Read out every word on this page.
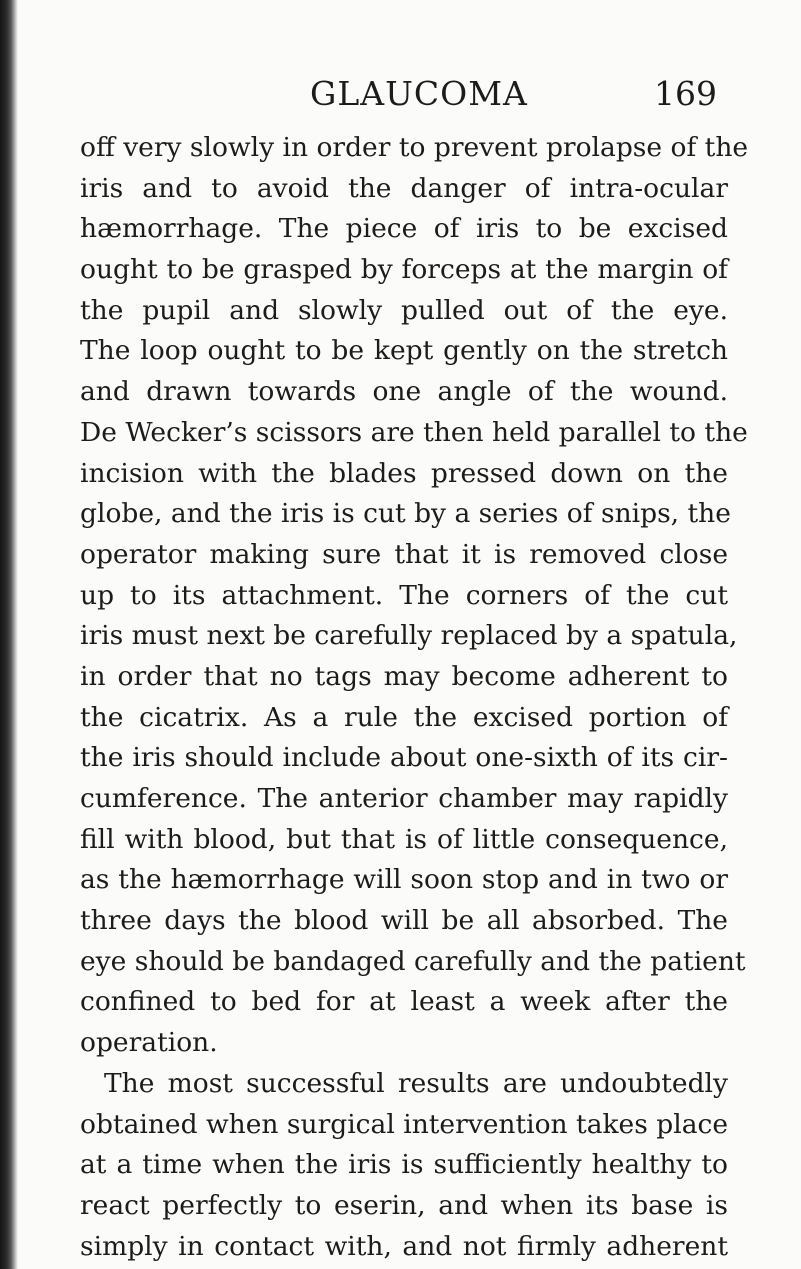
GLAUCOMA	169
off very slowly in order to prevent prolapse of the
iris and to avoid the danger of intra-ocular
hæmorrhage. The piece of iris to be excised
ought to be grasped by forceps at the margin of
the pupil and slowly pulled out of the eye.
The loop ought to be kept gently on the stretch
and drawn towards one angle of the wound.
De Wecker’s scissors are then held parallel to the
incision with the blades pressed down on the
globe, and the iris is cut by a series of snips, the
operator making sure that it is removed close
up to its attachment. The corners of the cut
iris must next be carefully replaced by a spatula,
in order that no tags may become adherent to
the cicatrix. As a rule the excised portion of
the iris should include about one-sixth of its cir-
cumference. The anterior chamber may rapidly
fill with blood, but that is of little consequence,
as the hæmorrhage will soon stop and in two or
three days the blood will be all absorbed. The
eye should be bandaged carefully and the patient
confined to bed for at least a week after the
operation.
The most successful results are undoubtedly
obtained when surgical intervention takes place
at a time when the iris is sufficiently healthy to
react perfectly to eserin, and when its base is
simply in contact with, and not firmly adherent
